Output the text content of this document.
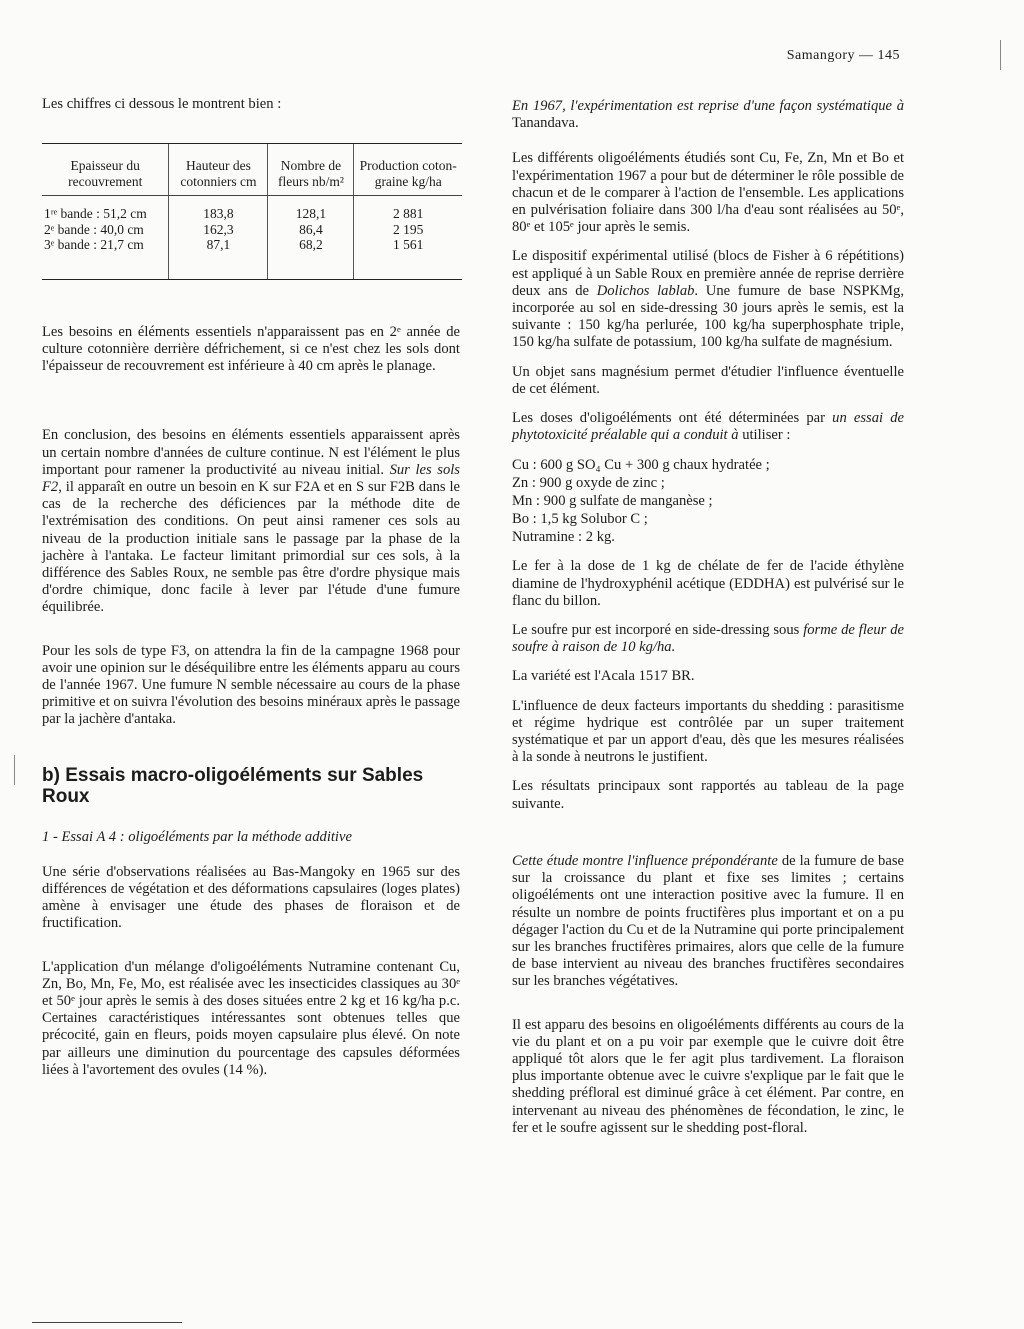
Samangory — 145

Les chiffres ci dessous le montrent bien :

Epaisseur du recouvrement	Hauteur des cotonniers cm	Nombre de fleurs nb/m²	Production coton-graine kg/ha
1ʳᵉ bande : 51,2 cm	183,8	128,1	2 881
2ᵉ bande : 40,0 cm	162,3	86,4	2 195
3ᵉ bande : 21,7 cm	87,1	68,2	1 561

Les besoins en éléments essentiels n'apparaissent pas en 2ᵉ année de culture cotonnière derrière défrichement, si ce n'est chez les sols dont l'épaisseur de recouvrement est inférieure à 40 cm après le planage.

En conclusion, des besoins en éléments essentiels apparaissent après un certain nombre d'années de culture continue. N est l'élément le plus important pour ramener la productivité au niveau initial. Sur les sols F2, il apparaît en outre un besoin en K sur F2A et en S sur F2B dans le cas de la recherche des déficiences par la méthode dite de l'extrémisation des conditions. On peut ainsi ramener ces sols au niveau de la production initiale sans le passage par la phase de la jachère à l'antaka. Le facteur limitant primordial sur ces sols, à la différence des Sables Roux, ne semble pas être d'ordre physique mais d'ordre chimique, donc facile à lever par l'étude d'une fumure équilibrée.

Pour les sols de type F3, on attendra la fin de la campagne 1968 pour avoir une opinion sur le déséquilibre entre les éléments apparu au cours de l'année 1967. Une fumure N semble nécessaire au cours de la phase primitive et on suivra l'évolution des besoins minéraux après le passage par la jachère d'antaka.

b) Essais macro-oligoéléments sur Sables Roux

1 - Essai A 4 : oligoéléments par la méthode additive

Une série d'observations réalisées au Bas-Mangoky en 1965 sur des différences de végétation et des déformations capsulaires (loges plates) amène à envisager une étude des phases de floraison et de fructification.

L'application d'un mélange d'oligoéléments Nutramine contenant Cu, Zn, Bo, Mn, Fe, Mo, est réalisée avec les insecticides classiques au 30ᵉ et 50ᵉ jour après le semis à des doses situées entre 2 kg et 16 kg/ha p.c. Certaines caractéristiques intéressantes sont obtenues telles que précocité, gain en fleurs, poids moyen capsulaire plus élevé. On note par ailleurs une diminution du pourcentage des capsules déformées liées à l'avortement des ovules (14 %).

En 1967, l'expérimentation est reprise d'une façon systématique à Tanandava.

Les différents oligoéléments étudiés sont Cu, Fe, Zn, Mn et Bo et l'expérimentation 1967 a pour but de déterminer le rôle possible de chacun et de le comparer à l'action de l'ensemble. Les applications en pulvérisation foliaire dans 300 l/ha d'eau sont réalisées au 50ᵉ, 80ᵉ et 105ᵉ jour après le semis.

Le dispositif expérimental utilisé (blocs de Fisher à 6 répétitions) est appliqué à un Sable Roux en première année de reprise derrière deux ans de Dolichos lablab. Une fumure de base NSPKMg, incorporée au sol en side-dressing 30 jours après le semis, est la suivante : 150 kg/ha perlurée, 100 kg/ha superphosphate triple, 150 kg/ha sulfate de potassium, 100 kg/ha sulfate de magnésium.

Un objet sans magnésium permet d'étudier l'influence éventuelle de cet élément.

Les doses d'oligoéléments ont été déterminées par un essai de phytotoxicité préalable qui a conduit à utiliser :

Cu : 600 g SO₄ Cu + 300 g chaux hydratée ;
Zn : 900 g oxyde de zinc ;
Mn : 900 g sulfate de manganèse ;
Bo : 1,5 kg Solubor C ;
Nutramine : 2 kg.

Le fer à la dose de 1 kg de chélate de fer de l'acide éthylène diamine de l'hydroxyphénil acétique (EDDHA) est pulvérisé sur le flanc du billon.

Le soufre pur est incorporé en side-dressing sous forme de fleur de soufre à raison de 10 kg/ha.

La variété est l'Acala 1517 BR.

L'influence de deux facteurs importants du shedding : parasitisme et régime hydrique est contrôlée par un super traitement systématique et par un apport d'eau, dès que les mesures réalisées à la sonde à neutrons le justifient.

Les résultats principaux sont rapportés au tableau de la page suivante.

Cette étude montre l'influence prépondérante de la fumure de base sur la croissance du plant et fixe ses limites ; certains oligoéléments ont une interaction positive avec la fumure. Il en résulte un nombre de points fructifères plus important et on a pu dégager l'action du Cu et de la Nutramine qui porte principalement sur les branches fructifères primaires, alors que celle de la fumure de base intervient au niveau des branches fructifères secondaires sur les branches végétatives.

Il est apparu des besoins en oligoéléments différents au cours de la vie du plant et on a pu voir par exemple que le cuivre doit être appliqué tôt alors que le fer agit plus tardivement. La floraison plus importante obtenue avec le cuivre s'explique par le fait que le shedding préfloral est diminué grâce à cet élément. Par contre, en intervenant au niveau des phénomènes de fécondation, le zinc, le fer et le soufre agissent sur le shedding post-floral.
